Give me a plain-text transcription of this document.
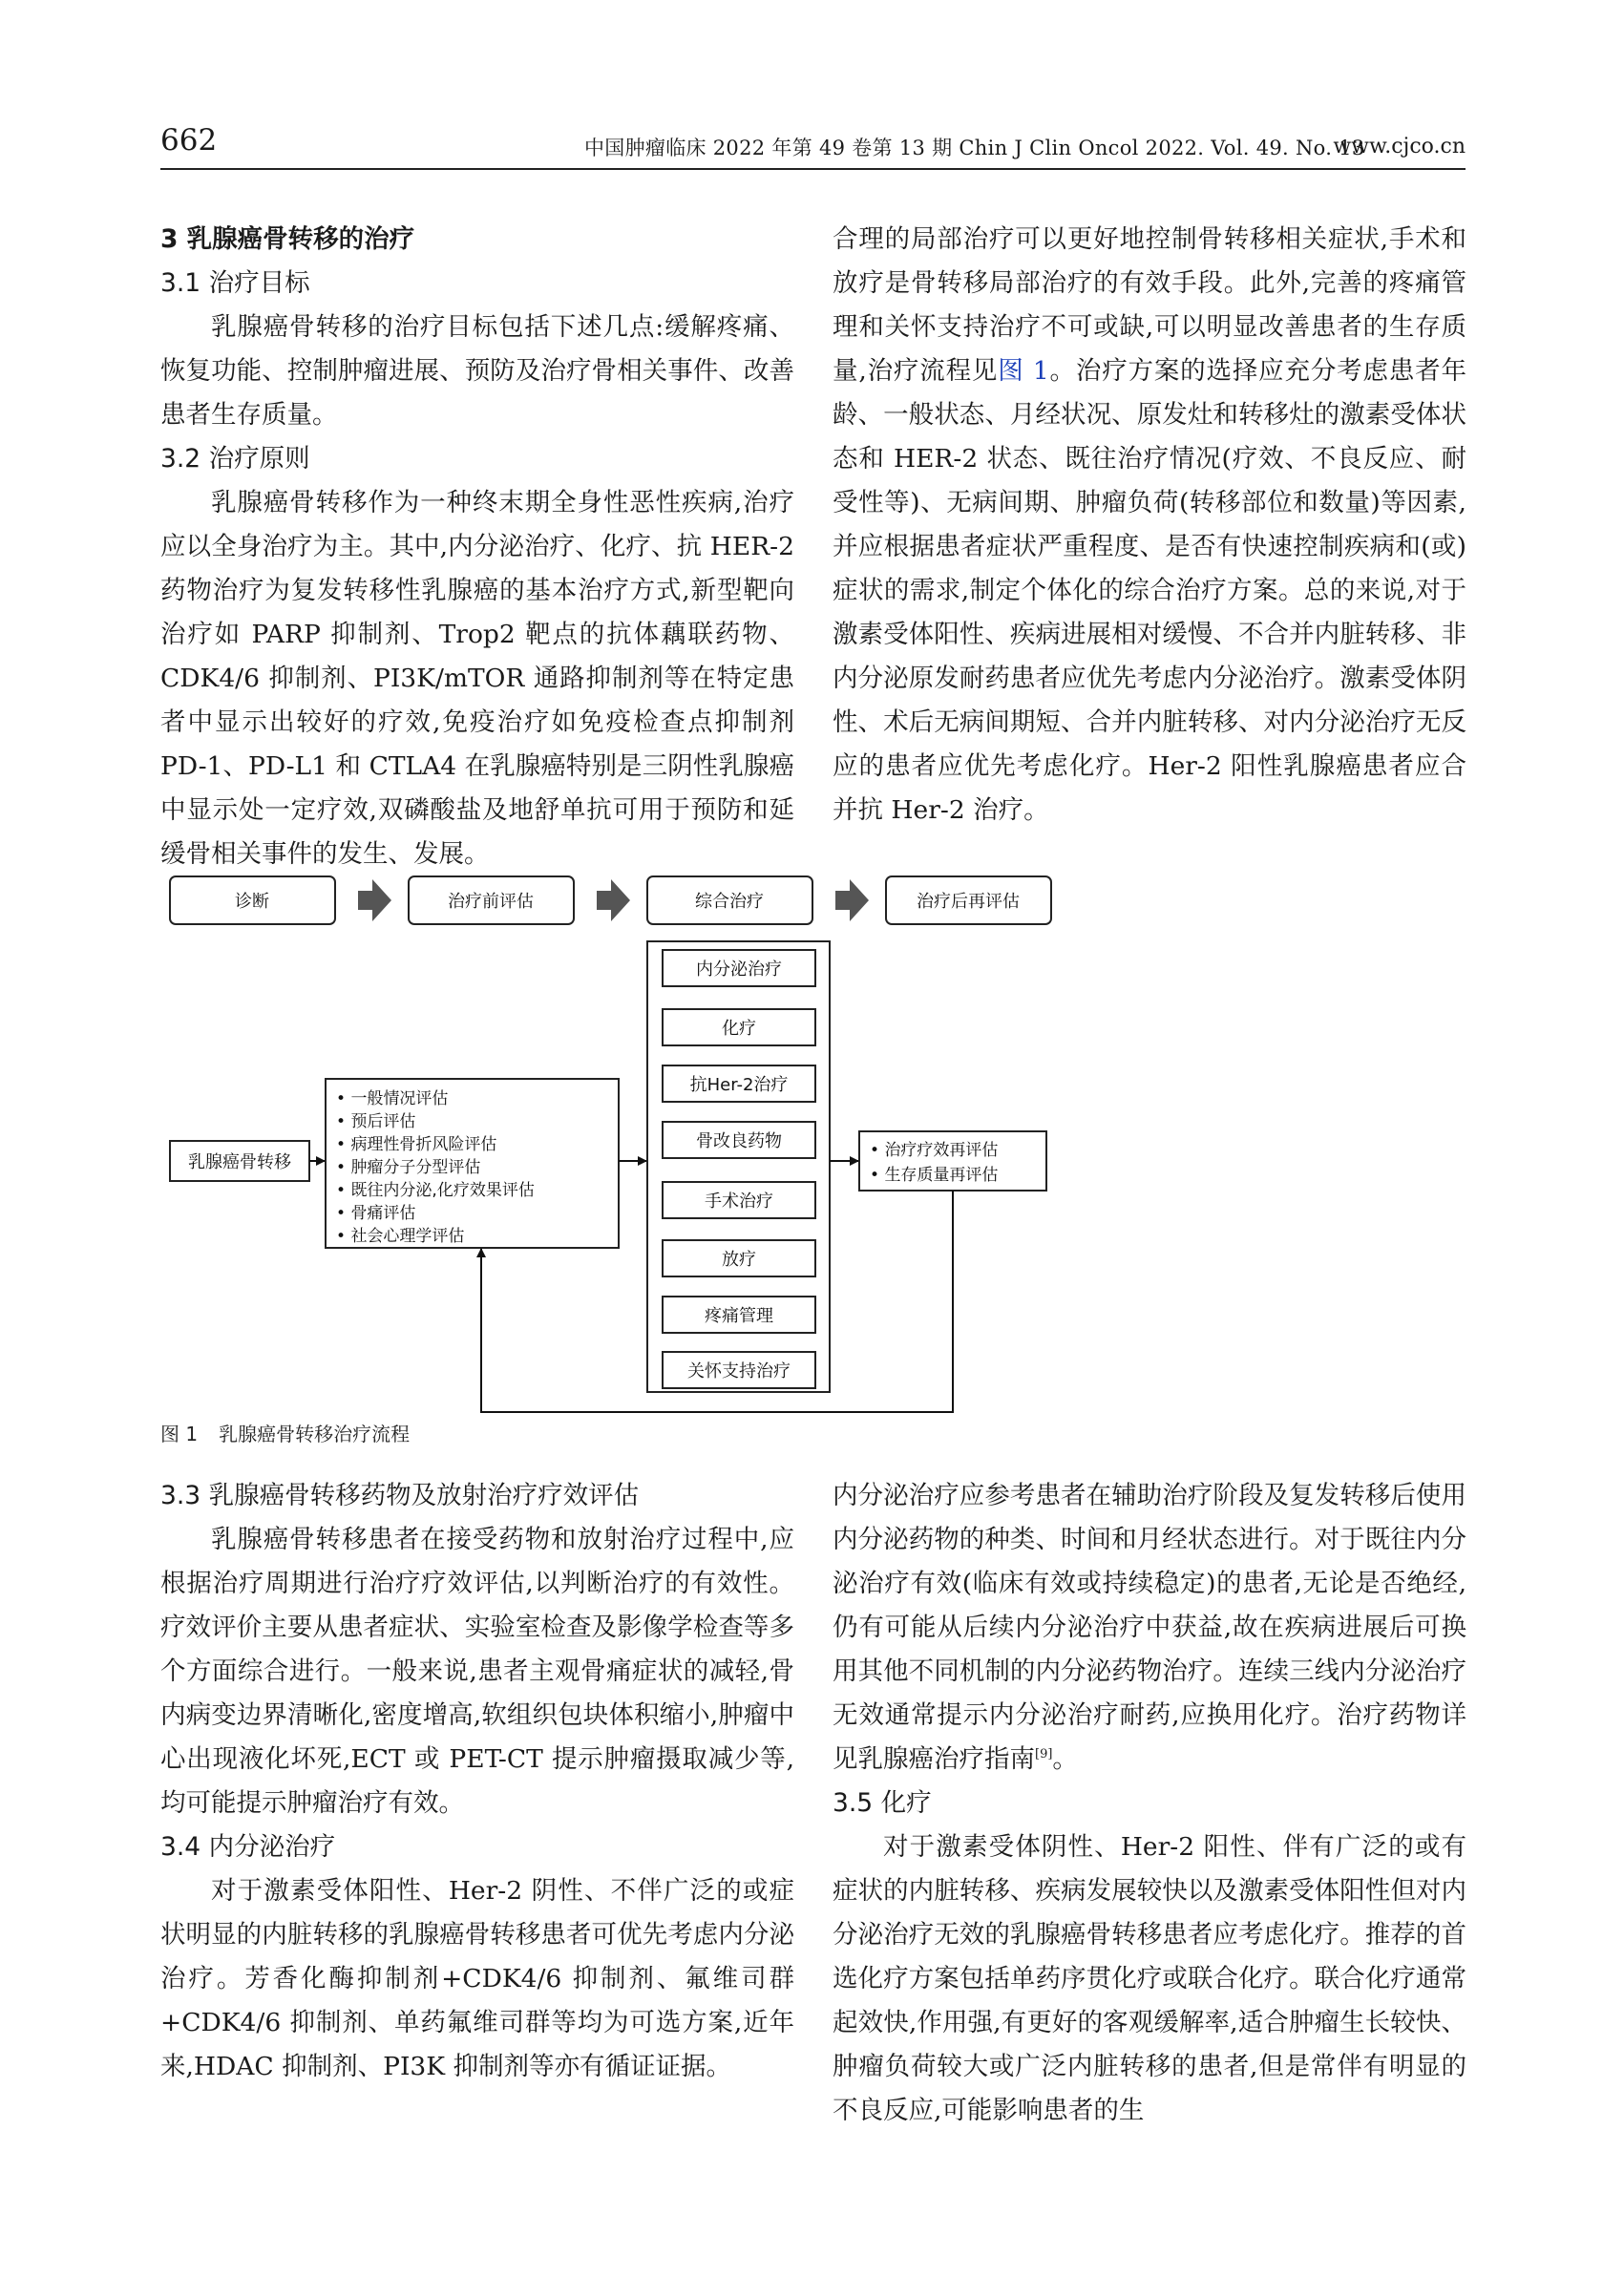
662	中国肿瘤临床 2022 年第 49 卷第 13 期 Chin J Clin Oncol 2022. Vol. 49. No. 13
www.cjco.cn
3 乳腺癌骨转移的治疗
3.1 治疗目标

乳腺癌骨转移的治疗目标包括下述几点:缓解疼痛、恢复功能、控制肿瘤进展、预防及治疗骨相关事件、改善患者生存质量。

3.2 治疗原则

乳腺癌骨转移作为一种终末期全身性恶性疾病,治疗应以全身治疗为主。其中,内分泌治疗、化疗、抗 HER-2 药物治疗为复发转移性乳腺癌的基本治疗方式,新型靶向治疗如 PARP 抑制剂、Trop2 靶点的抗体藕联药物、CDK4/6 抑制剂、PI3K/mTOR 通路抑制剂等在特定患者中显示出较好的疗效,免疫治疗如免疫检查点抑制剂 PD-1、PD-L1 和 CTLA4 在乳腺癌特别是三阴性乳腺癌中显示处一定疗效,双磷酸盐及地舒单抗可用于预防和延缓骨相关事件的发生、发展。

合理的局部治疗可以更好地控制骨转移相关症状,手术和放疗是骨转移局部治疗的有效手段。此外,完善的疼痛管理和关怀支持治疗不可或缺,可以明显改善患者的生存质量,治疗流程见图 1。治疗方案的选择应充分考虑患者年龄、一般状态、月经状况、原发灶和转移灶的激素受体状态和 HER-2 状态、既往治疗情况(疗效、不良反应、耐受性等)、无病间期、肿瘤负荷(转移部位和数量)等因素,并应根据患者症状严重程度、是否有快速控制疾病和(或)症状的需求,制定个体化的综合治疗方案。总的来说,对于激素受体阳性、疾病进展相对缓慢、不合并内脏转移、非内分泌原发耐药患者应优先考虑内分泌治疗。激素受体阴性、术后无病间期短、合并内脏转移、对内分泌治疗无反应的患者应优先考虑化疗。Her-2 阳性乳腺癌患者应合并抗 Her-2 治疗。

诊断	治疗前评估	综合治疗	治疗后再评估
乳腺癌骨转移
• 一般情况评估
• 预后评估
• 病理性骨折风险评估
• 肿瘤分子分型评估
• 既往内分泌,化疗效果评估
• 骨痛评估
• 社会心理学评估
内分泌治疗
化疗
抗Her-2治疗
骨改良药物
手术治疗
放疗
疼痛管理
关怀支持治疗
• 治疗疗效再评估
• 生存质量再评估
图 1 乳腺癌骨转移治疗流程
3.3 乳腺癌骨转移药物及放射治疗疗效评估

乳腺癌骨转移患者在接受药物和放射治疗过程中,应根据治疗周期进行治疗疗效评估,以判断治疗的有效性。疗效评价主要从患者症状、实验室检查及影像学检查等多个方面综合进行。一般来说,患者主观骨痛症状的减轻,骨内病变边界清晰化,密度增高,软组织包块体积缩小,肿瘤中心出现液化坏死,ECT 或 PET-CT 提示肿瘤摄取减少等,均可能提示肿瘤治疗有效。

3.4 内分泌治疗

对于激素受体阳性、Her-2 阴性、不伴广泛的或症状明显的内脏转移的乳腺癌骨转移患者可优先考虑内分泌治疗。芳香化酶抑制剂+CDK4/6 抑制剂、氟维司群+CDK4/6 抑制剂、单药氟维司群等均为可选方案,近年来,HDAC 抑制剂、PI3K 抑制剂等亦有循证证据。

内分泌治疗应参考患者在辅助治疗阶段及复发转移后使用内分泌药物的种类、时间和月经状态进行。对于既往内分泌治疗有效(临床有效或持续稳定)的患者,无论是否绝经,仍有可能从后续内分泌治疗中获益,故在疾病进展后可换用其他不同机制的内分泌药物治疗。连续三线内分泌治疗无效通常提示内分泌治疗耐药,应换用化疗。治疗药物详见乳腺癌治疗指南[9]。

3.5 化疗

对于激素受体阴性、Her-2 阳性、伴有广泛的或有症状的内脏转移、疾病发展较快以及激素受体阳性但对内分泌治疗无效的乳腺癌骨转移患者应考虑化疗。推荐的首选化疗方案包括单药序贯化疗或联合化疗。联合化疗通常起效快,作用强,有更好的客观缓解率,适合肿瘤生长较快、肿瘤负荷较大或广泛内脏转移的患者,但是常伴有明显的不良反应,可能影响患者的生
